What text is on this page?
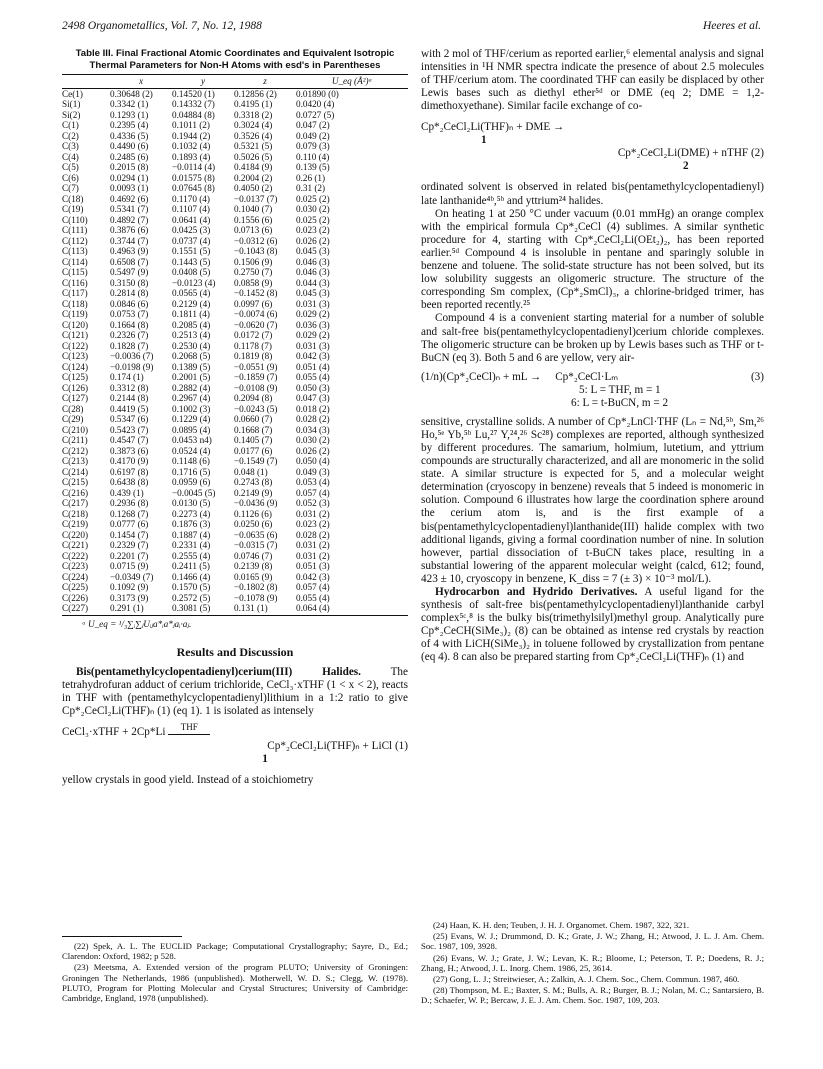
2498 Organometallics, Vol. 7, No. 12, 1988	Heeres et al.
Table III. Final Fractional Atomic Coordinates and Equivalent Isotropic Thermal Parameters for Non-H Atoms with esd's in Parentheses
	x	y	z	U_eq (Å²)ᵃ
Ce(1)	0.30648 (2)	0.14520 (1)	0.12856 (2)	0.01890 (0)
Si(1)	0.3342 (1)	0.14332 (7)	0.4195 (1)	0.0420 (4)
Si(2)	0.1293 (1)	0.04884 (8)	0.3318 (2)	0.0727 (5)
C(1)	0.2395 (4)	0.1011 (2)	0.3024 (4)	0.047 (2)
C(2)	0.4336 (5)	0.1944 (2)	0.3526 (4)	0.049 (2)
C(3)	0.4490 (6)	0.1032 (4)	0.5321 (5)	0.079 (3)
C(4)	0.2485 (6)	0.1893 (4)	0.5026 (5)	0.110 (4)
C(5)	0.2015 (8)	−0.0114 (4)	0.4184 (9)	0.139 (5)
C(6)	0.0294 (1)	0.01575 (8)	0.2004 (2)	0.26 (1)
C(7)	0.0093 (1)	0.07645 (8)	0.4050 (2)	0.31 (2)
C(18)	0.4692 (6)	0.1170 (4)	−0.0137 (7)	0.025 (2)
C(19)	0.5341 (7)	0.1107 (4)	0.1040 (7)	0.030 (2)
C(110)	0.4892 (7)	0.0641 (4)	0.1556 (6)	0.025 (2)
C(111)	0.3876 (6)	0.0425 (3)	0.0713 (6)	0.023 (2)
C(112)	0.3744 (7)	0.0737 (4)	−0.0312 (6)	0.026 (2)
C(113)	0.4963 (9)	0.1551 (5)	−0.1043 (8)	0.045 (3)
C(114)	0.6508 (7)	0.1443 (5)	0.1506 (9)	0.046 (3)
C(115)	0.5497 (9)	0.0408 (5)	0.2750 (7)	0.046 (3)
C(116)	0.3150 (8)	−0.0123 (4)	0.0858 (9)	0.044 (3)
C(117)	0.2814 (8)	0.0565 (4)	−0.1452 (8)	0.045 (3)
C(118)	0.0846 (6)	0.2129 (4)	0.0997 (6)	0.031 (3)
C(119)	0.0753 (7)	0.1811 (4)	−0.0074 (6)	0.029 (2)
C(120)	0.1664 (8)	0.2085 (4)	−0.0620 (7)	0.036 (3)
C(121)	0.2326 (7)	0.2513 (4)	0.0172 (7)	0.029 (2)
C(122)	0.1828 (7)	0.2530 (4)	0.1178 (7)	0.031 (3)
C(123)	−0.0036 (7)	0.2068 (5)	0.1819 (8)	0.042 (3)
C(124)	−0.0198 (9)	0.1389 (5)	−0.0551 (9)	0.051 (4)
C(125)	0.174 (1)	0.2001 (5)	−0.1859 (7)	0.055 (4)
C(126)	0.3312 (8)	0.2882 (4)	−0.0108 (9)	0.050 (3)
C(127)	0.2144 (8)	0.2967 (4)	0.2094 (8)	0.047 (3)
C(28)	0.4419 (5)	0.1002 (3)	−0.0243 (5)	0.018 (2)
C(29)	0.5347 (6)	0.1229 (4)	0.0660 (7)	0.028 (2)
C(210)	0.5423 (7)	0.0895 (4)	0.1668 (7)	0.034 (3)
C(211)	0.4547 (7)	0.0453 n4)	0.1405 (7)	0.030 (2)
C(212)	0.3873 (6)	0.0524 (4)	0.0177 (6)	0.026 (2)
C(213)	0.4170 (9)	0.1148 (6)	−0.1549 (7)	0.050 (4)
C(214)	0.6197 (8)	0.1716 (5)	0.048 (1)	0.049 (3)
C(215)	0.6438 (8)	0.0959 (6)	0.2743 (8)	0.053 (4)
C(216)	0.439 (1)	−0.0045 (5)	0.2149 (9)	0.057 (4)
C(217)	0.2936 (8)	0.0130 (5)	−0.0436 (9)	0.052 (3)
C(218)	0.1268 (7)	0.2273 (4)	0.1126 (6)	0.031 (2)
C(219)	0.0777 (6)	0.1876 (3)	0.0250 (6)	0.023 (2)
C(220)	0.1454 (7)	0.1887 (4)	−0.0635 (6)	0.028 (2)
C(221)	0.2329 (7)	0.2331 (4)	−0.0315 (7)	0.031 (2)
C(222)	0.2201 (7)	0.2555 (4)	0.0746 (7)	0.031 (2)
C(223)	0.0715 (9)	0.2411 (5)	0.2139 (8)	0.051 (3)
C(224)	−0.0349 (7)	0.1466 (4)	0.0165 (9)	0.042 (3)
C(225)	0.1092 (9)	0.1570 (5)	−0.1802 (8)	0.057 (4)
C(226)	0.3173 (9)	0.2572 (5)	−0.1078 (9)	0.055 (4)
C(227)	0.291 (1)	0.3081 (5)	0.131 (1)	0.064 (4)
ᵃ U_eq = ¹/₃∑ᵢ∑ⱼUᵢⱼa*ᵢa*ⱼaᵢ·aⱼ.
Results and Discussion

Bis(pentamethylcyclopentadienyl)cerium(III) Halides. The tetrahydrofuran adduct of cerium trichloride, CeCl₃·xTHF (1 < x < 2), reacts in THF with (pentamethylcyclopentadienyl)lithium in a 1:2 ratio to give Cp*₂CeCl₂Li(THF)ₙ (1) (eq 1). 1 is isolated as intensely

CeCl₃·xTHF + 2Cp*Li THF
Cp*₂CeCl₂Li(THF)ₙ + LiCl (1)
1

yellow crystals in good yield. Instead of a stoichiometry

(22) Spek, A. L. The EUCLID Package; Computational Crystallography; Sayre, D., Ed.; Clarendon: Oxford, 1982; p 528.
(23) Meetsma, A. Extended version of the program PLUTO; University of Groningen: Groningen The Netherlands, 1986 (unpublished). Motherwell, W. D. S.; Clegg, W. (1978). PLUTO, Program for Plotting Molecular and Crystal Structures; University of Cambridge: Cambridge, England, 1978 (unpublished).

with 2 mol of THF/cerium as reported earlier,⁶ elemental analysis and signal intensities in ¹H NMR spectra indicate the presence of about 2.5 molecules of THF/cerium atom. The coordinated THF can easily be displaced by other Lewis bases such as diethyl ether⁵ᵈ or DME (eq 2; DME = 1,2-dimethoxyethane). Similar facile exchange of co-

Cp*₂CeCl₂Li(THF)ₙ + DME →
1
Cp*₂CeCl₂Li(DME) + nTHF (2)
2

ordinated solvent is observed in related bis(pentamethylcyclopentadienyl) late lanthanide⁴ᵇ,⁵ᵇ and yttrium²⁴ halides.

On heating 1 at 250 °C under vacuum (0.01 mmHg) an orange complex with the empirical formula Cp*₂CeCl (4) sublimes. A similar synthetic procedure for 4, starting with Cp*₂CeCl₂Li(OEt₂)₂, has been reported earlier.⁵ᵈ Compound 4 is insoluble in pentane and sparingly soluble in benzene and toluene. The solid-state structure has not been solved, but its low solubility suggests an oligomeric structure. The structure of the corresponding Sm complex, (Cp*₂SmCl)₃, a chlorine-bridged trimer, has been reported recently.²⁵

Compound 4 is a convenient starting material for a number of soluble and salt-free bis(pentamethylcyclopentadienyl)cerium chloride complexes. The oligomeric structure can be broken up by Lewis bases such as THF or t-BuCN (eq 3). Both 5 and 6 are yellow, very air-

(1/n)(Cp*₂CeCl)ₙ + mL → Cp*₂CeCl·Lₘ	(3)
5: L = THF, m = 1
6: L = t-BuCN, m = 2

sensitive, crystalline solids. A number of Cp*₂LnCl·THF (Lₙ = Nd,⁵ᵇ, Sm,²⁶ Ho,⁵ᵉ Yb,⁵ᵇ Lu,²⁷ Y,²⁴,²⁶ Sc²⁸) complexes are reported, although synthesized by different procedures. The samarium, holmium, lutetium, and yttrium compounds are structurally characterized, and all are monomeric in the solid state. A similar structure is expected for 5, and a molecular weight determination (cryoscopy in benzene) reveals that 5 indeed is monomeric in solution. Compound 6 illustrates how large the coordination sphere around the cerium atom is, and is the first example of a bis(pentamethylcyclopentadienyl)lanthanide(III) halide complex with two additional ligands, giving a formal coordination number of nine. In solution however, partial dissociation of t-BuCN takes place, resulting in a substantial lowering of the apparent molecular weight (calcd, 612; found, 423 ± 10, cryoscopy in benzene, K_diss = 7 (± 3) × 10⁻³ mol/L).

Hydrocarbon and Hydrido Derivatives. A useful ligand for the synthesis of salt-free bis(pentamethylcyclopentadienyl)lanthanide carbyl complex⁵ᶜ,⁸ is the bulky bis(trimethylsilyl)methyl group. Analytically pure Cp*₂CeCH(SiMe₃)₂ (8) can be obtained as intense red crystals by reaction of 4 with LiCH(SiMe₃)₂ in toluene followed by crystallization from pentane (eq 4). 8 can also be prepared starting from Cp*₂CeCl₂Li(THF)ₙ (1) and

(24) Haan, K. H. den; Teuben, J. H. J. Organomet. Chem. 1987, 322, 321.
(25) Evans, W. J.; Drummond, D. K.; Grate, J. W.; Zhang, H.; Atwood, J. L. J. Am. Chem. Soc. 1987, 109, 3928.
(26) Evans, W. J.; Grate, J. W.; Levan, K. R.; Bloome, I.; Peterson, T. P.; Doedens, R. J.; Zhang, H.; Atwood, J. L. Inorg. Chem. 1986, 25, 3614.
(27) Gong, L. J.; Streitwieser, A.; Zalkin, A. J. Chem. Soc., Chem. Commun. 1987, 460.
(28) Thompson, M. E.; Baxter, S. M.; Bulls, A. R.; Burger, B. J.; Nolan, M. C.; Santarsiero, B. D.; Schaefer, W. P.; Bercaw, J. E. J. Am. Chem. Soc. 1987, 109, 203.
